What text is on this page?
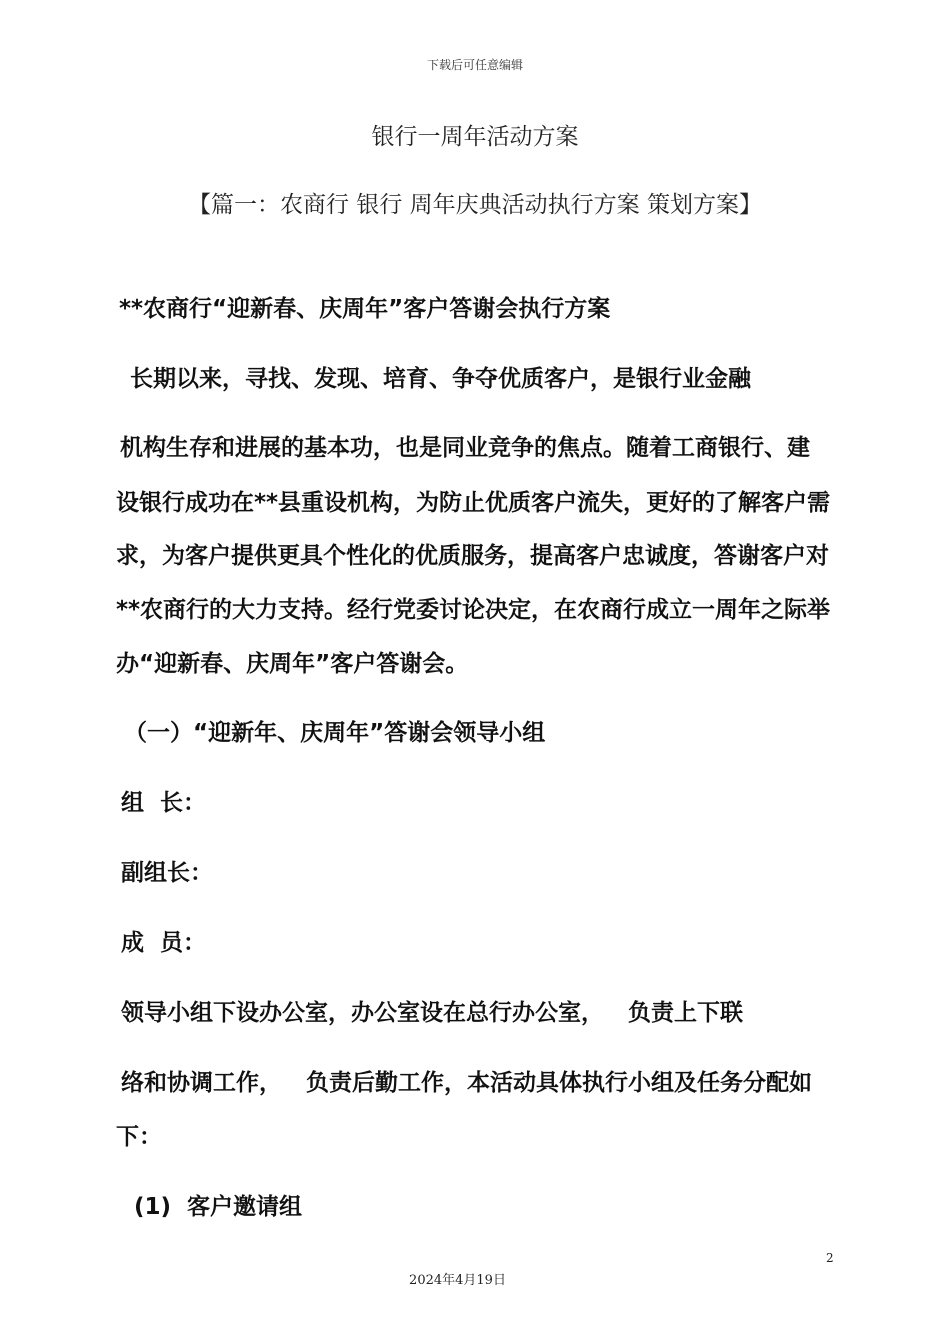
下载后可任意编辑
银行一周年活动方案
【篇一：农商行 银行 周年庆典活动执行方案 策划方案】
**农商行“迎新春、庆周年”客户答谢会执行方案
长期以来，寻找、发现、培育、争夺优质客户，是银行业金融
机构生存和进展的基本功，也是同业竞争的焦点。随着工商银行、建
设银行成功在**县重设机构，为防止优质客户流失，更好的了解客户需
求，为客户提供更具个性化的优质服务，提高客户忠诚度，答谢客户对
**农商行的大力支持。经行党委讨论决定，在农商行成立一周年之际举
办“迎新春、庆周年”客户答谢会。
（一）“迎新年、庆周年”答谢会领导小组
组  长：
副组长：
成  员：
领导小组下设办公室，办公室设在总行办公室，   负责上下联
络和协调工作，   负责后勤工作，本活动具体执行小组及任务分配如
下：
(1)  客户邀请组
2
2024年4月19日
